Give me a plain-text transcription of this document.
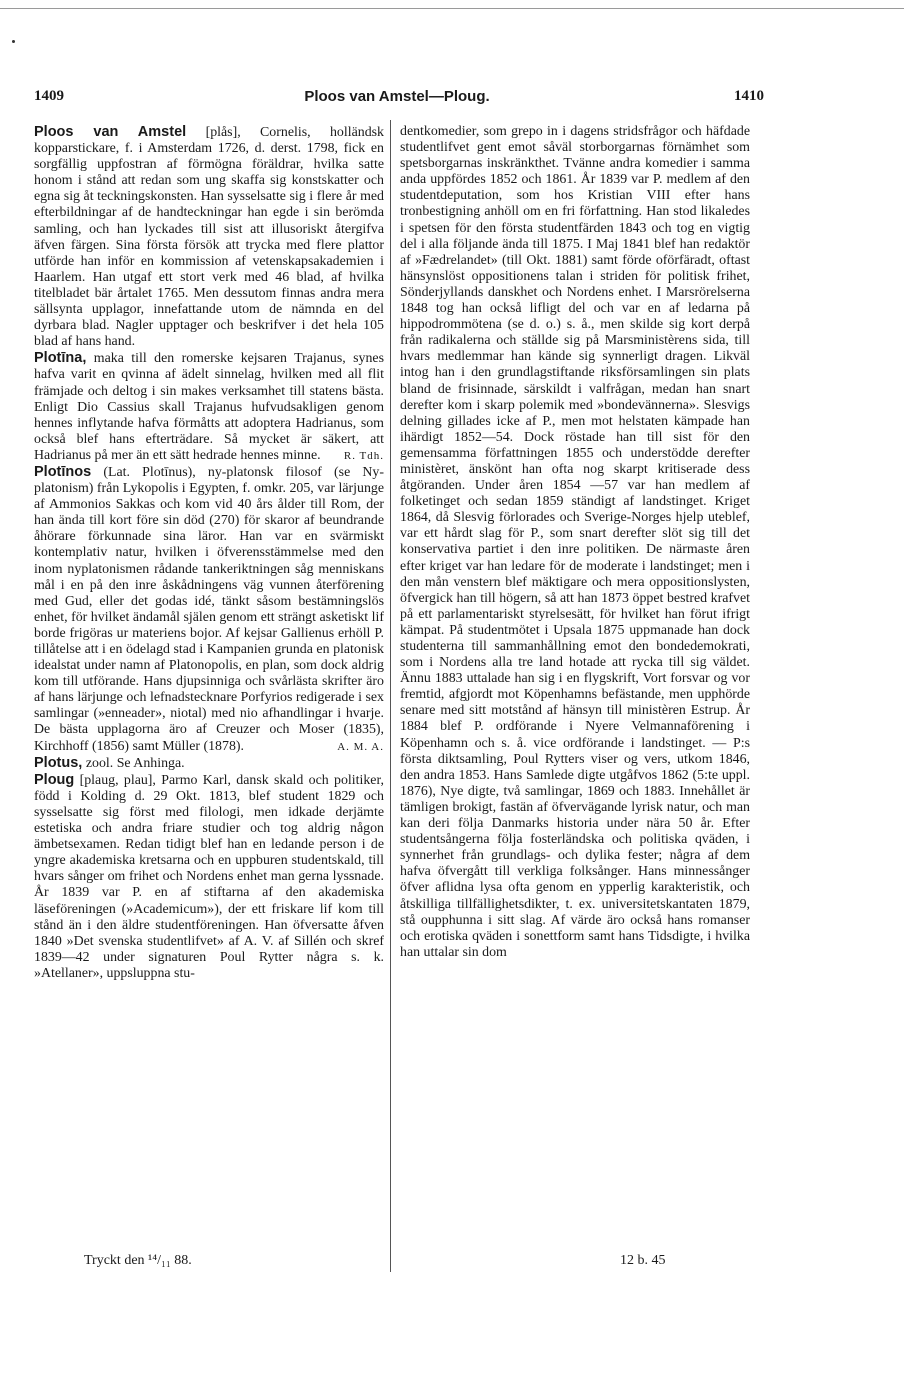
1409	Ploos van Amstel—Ploug.	1410

Ploos van Amstel [plås], Cornelis, holländsk kopparstickare, f. i Amsterdam 1726, d. derst. 1798, fick en sorgfällig uppfostran af förmögna föräldrar, hvilka satte honom i stånd att redan som ung skaffa sig konstskatter och egna sig åt teckningskonsten. Han sysselsatte sig i flere år med efterbildningar af de handteckningar han egde i sin berömda samling, och han lyckades till sist att illusoriskt återgifva äfven färgen. Sina första försök att trycka med flere plattor utförde han inför en kommission af vetenskapsakademien i Haarlem. Han utgaf ett stort verk med 46 blad, af hvilka titelbladet bär årtalet 1765. Men dessutom finnas andra mera sällsynta upplagor, innefattande utom de nämnda en del dyrbara blad. Nagler upptager och beskrifver i det hela 105 blad af hans hand.

Plotīna, maka till den romerske kejsaren Trajanus, synes hafva varit en qvinna af ädelt sinnelag, hvilken med all flit främjade och deltog i sin makes verksamhet till statens bästa. Enligt Dio Cassius skall Trajanus hufvudsakligen genom hennes inflytande hafva förmåtts att adoptera Hadrianus, som också blef hans efterträdare. Så mycket är säkert, att Hadrianus på mer än ett sätt hedrade hennes minne. R. Tdh.

Plotīnos (Lat. Plotīnus), ny-platonsk filosof (se Ny-platonism) från Lykopolis i Egypten, f. omkr. 205, var lärjunge af Ammonios Sakkas och kom vid 40 års ålder till Rom, der han ända till kort före sin död (270) för skaror af beundrande åhörare förkunnade sina läror. Han var en svärmiskt kontemplativ natur, hvilken i öfverensstämmelse med den inom nyplatonismen rådande tankeriktningen såg menniskans mål i en på den inre åskådningens väg vunnen återförening med Gud, eller det godas idé, tänkt såsom bestämningslös enhet, för hvilket ändamål själen genom ett strängt asketiskt lif borde frigöras ur materiens bojor. Af kejsar Gallienus erhöll P. tillåtelse att i en ödelagd stad i Kampanien grunda en platonisk idealstat under namn af Platonopolis, en plan, som dock aldrig kom till utförande. Hans djupsinniga och svårlästa skrifter äro af hans lärjunge och lefnadstecknare Porfyrios redigerade i sex samlingar (»enneader», niotal) med nio afhandlingar i hvarje. De bästa upplagorna äro af Creuzer och Moser (1835), Kirchhoff (1856) samt Müller (1878).	A. M. A.

Plotus, zool. Se Anhinga.

Ploug [plaug, plau], Parmo Karl, dansk skald och politiker, född i Kolding d. 29 Okt. 1813, blef student 1829 och sysselsatte sig först med filologi, men idkade derjämte estetiska och andra friare studier och tog aldrig någon ämbetsexamen. Redan tidigt blef han en ledande person i de yngre akademiska kretsarna och en uppburen studentskald, till hvars sånger om frihet och Nordens enhet man gerna lyssnade. År 1839 var P. en af stiftarna af den akademiska läseföreningen (»Academicum»), der ett friskare lif kom till stånd än i den äldre studentföreningen. Han öfversatte åfven 1840 »Det svenska studentlifvet» af A. V. af Sillén och skref 1839—42 under signaturen Poul Rytter några s. k. »Atellaner», uppsluppna stu-

dentkomedier, som grepo in i dagens stridsfrågor och häfdade studentlifvet gent emot såväl storborgarnas förnämhet som spetsborgarnas inskränkthet. Tvänne andra komedier i samma anda uppfördes 1852 och 1861. År 1839 var P. medlem af den studentdeputation, som hos Kristian VIII efter hans tronbestigning anhöll om en fri författning. Han stod likaledes i spetsen för den första studentfärden 1843 och tog en vigtig del i alla följande ända till 1875. I Maj 1841 blef han redaktör af »Fædrelandet» (till Okt. 1881) samt förde oförfäradt, oftast hänsynslöst oppositionens talan i striden för politisk frihet, Sönderjyllands danskhet och Nordens enhet. I Marsrörelserna 1848 tog han också lifligt del och var en af ledarna på hippodrommötena (se d. o.) s. å., men skilde sig kort derpå från radikalerna och ställde sig på Marsministèrens sida, till hvars medlemmar han kände sig synnerligt dragen. Likväl intog han i den grundlagstiftande riksförsamlingen sin plats bland de frisinnade, särskildt i valfrågan, medan han snart derefter kom i skarp polemik med »bondevännerna». Slesvigs delning gillades icke af P., men mot helstaten kämpade han ihärdigt 1852—54. Dock röstade han till sist för den gemensamma författningen 1855 och understödde derefter ministèret, änskönt han ofta nog skarpt kritiserade dess åtgöranden. Under åren 1854 —57 var han medlem af folketinget och sedan 1859 ständigt af landstinget. Kriget 1864, då Slesvig förlorades och Sverige-Norges hjelp uteblef, var ett hårdt slag för P., som snart derefter slöt sig till det konservativa partiet i den inre politiken. De närmaste åren efter kriget var han ledare för de moderate i landstinget; men i den mån venstern blef mäktigare och mera oppositionslysten, öfvergick han till högern, så att han 1873 öppet bestred krafvet på ett parlamentariskt styrelsesätt, för hvilket han förut ifrigt kämpat. På studentmötet i Upsala 1875 uppmanade han dock studenterna till sammanhållning emot den bondedemokrati, som i Nordens alla tre land hotade att rycka till sig väldet. Ännu 1883 uttalade han sig i en flygskrift, Vort forsvar og vor fremtid, afgjordt mot Köpenhamns befästande, men upphörde senare med sitt motstånd af hänsyn till ministèren Estrup. År 1884 blef P. ordförande i Nyere Velmannaförening i Köpenhamn och s. å. vice ordförande i landstinget. — P:s första diktsamling, Poul Rytters viser og vers, utkom 1846, den andra 1853. Hans Samlede digte utgåfvos 1862 (5:te uppl. 1876), Nye digte, två samlingar, 1869 och 1883. Innehållet är tämligen brokigt, fastän af öfvervägande lyrisk natur, och man kan deri följa Danmarks historia under nära 50 år. Efter studentsångerna följa fosterländska och politiska qväden, i synnerhet från grundlags- och dylika fester; några af dem hafva öfvergått till verkliga folksånger. Hans minnessånger öfver aflidna lysa ofta genom en ypperlig karakteristik, och åtskilliga tillfällighetsdikter, t. ex. universitetskantaten 1879, stå oupphunna i sitt slag. Af värde äro också hans romanser och erotiska qväden i sonettform samt hans Tidsdigte, i hvilka han uttalar sin dom

Tryckt den ¹⁴/₁₁ 88.	12 b. 45
